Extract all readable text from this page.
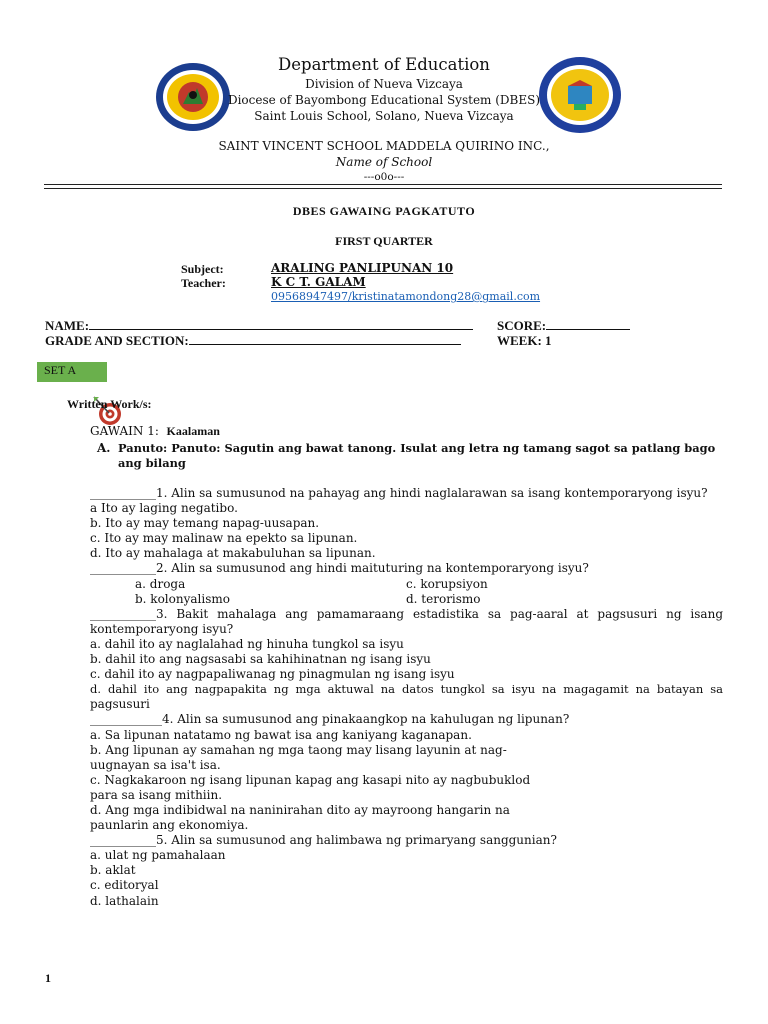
Department of Education
Division of Nueva Vizcaya
Diocese of Bayombong Educational System (DBES)
Saint Louis School, Solano, Nueva Vizcaya
SAINT VINCENT SCHOOL MADDELA QUIRINO INC.,
Name of School
---o0o---
DBES GAWAING PAGKATUTO
FIRST QUARTER
Subject:	ARALING PANLIPUNAN 10
Teacher:	K C T. GALAM
09568947497/kristinatamondong28@gmail.com
NAME:	SCORE:
GRADE AND SECTION:	WEEK: 1
SET A
Written Work/s:
GAWAIN 1: Kaalaman
A. Panuto: Panuto: Sagutin ang bawat tanong. Isulat ang letra ng tamang sagot sa patlang bago
ang bilang
___________1. Alin sa sumusunod na pahayag ang hindi naglalarawan sa isang kontemporaryong isyu?
a Ito ay laging negatibo.
b. Ito ay may temang napag-uusapan.
c. Ito ay may malinaw na epekto sa lipunan.
d. Ito ay mahalaga at makabuluhan sa lipunan.
___________2. Alin sa sumusunod ang hindi maituturing na kontemporaryong isyu?
a. droga	c. korupsiyon
b. kolonyalismo	d. terorismo
___________3. Bakit mahalaga ang pamamaraang estadistika sa pag-aaral at pagsusuri ng isang
kontemporaryong isyu?
a. dahil ito ay naglalahad ng hinuha tungkol sa isyu
b. dahil ito ang nagsasabi sa kahihinatnan ng isang isyu
c. dahil ito ay nagpapaliwanag ng pinagmulan ng isang isyu
d. dahil ito ang nagpapakita ng mga aktuwal na datos tungkol sa isyu na magagamit na batayan sa
pagsusuri
____________4. Alin sa sumusunod ang pinakaangkop na kahulugan ng lipunan?
a. Sa lipunan natatamo ng bawat isa ang kaniyang kaganapan.
b. Ang lipunan ay samahan ng mga taong may lisang layunin at nag-
uugnayan sa isa't isa.
c. Nagkakaroon ng isang lipunan kapag ang kasapi nito ay nagbubuklod
para sa isang mithiin.
d. Ang mga indibidwal na naninirahan dito ay mayroong hangarin na
paunlarin ang ekonomiya.
___________5. Alin sa sumusunod ang halimbawa ng primaryang sanggunian?
a. ulat ng pamahalaan
b. aklat
c. editoryal
d. lathalain
1
